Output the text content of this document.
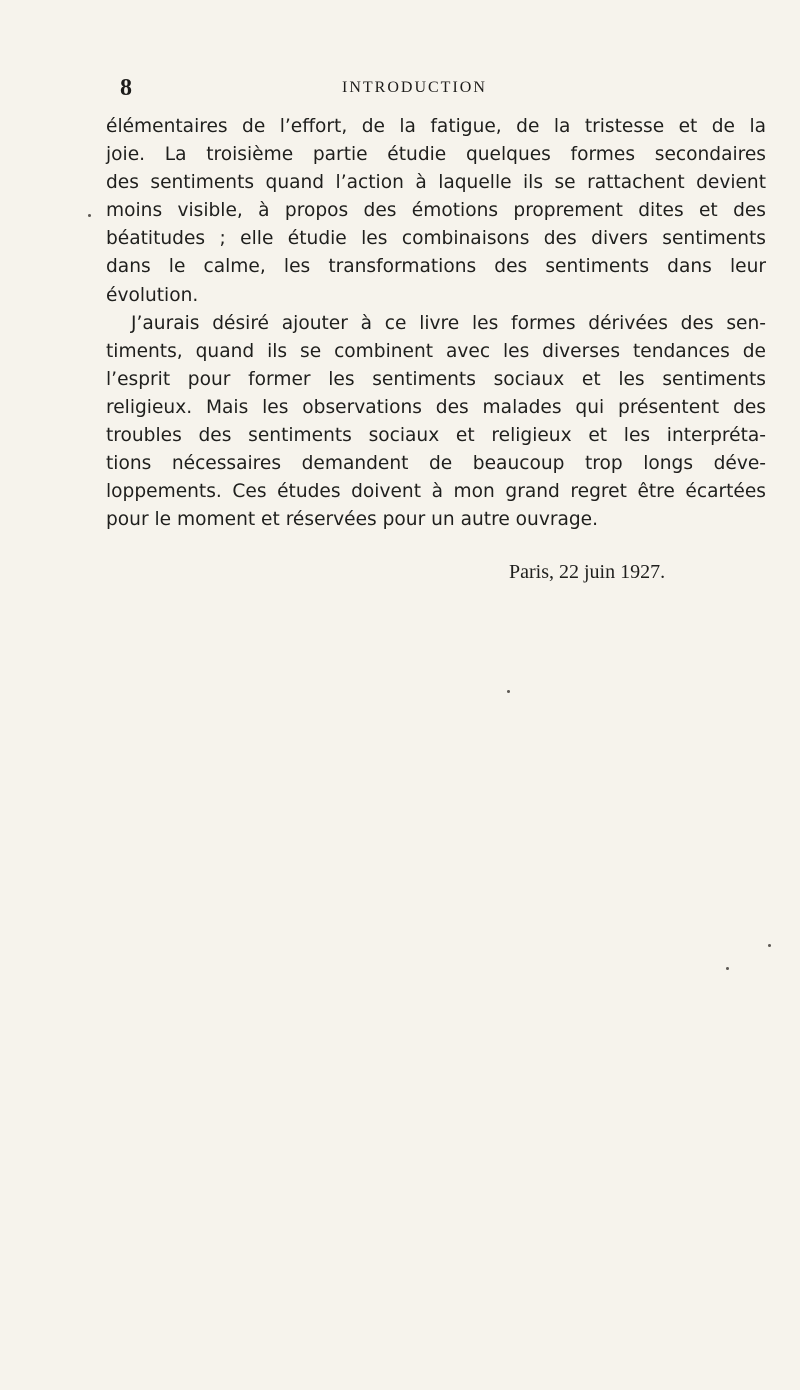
8	INTRODUCTION
élémentaires de l’effort, de la fatigue, de la tristesse et de la
joie. La troisième partie étudie quelques formes secondaires
des sentiments quand l’action à laquelle ils se rattachent devient
moins visible, à propos des émotions proprement dites et des
béatitudes ; elle étudie les combinaisons des divers sentiments
dans le calme, les transformations des sentiments dans leur
évolution.
J’aurais désiré ajouter à ce livre les formes dérivées des sen-
timents, quand ils se combinent avec les diverses tendances de
l’esprit pour former les sentiments sociaux et les sentiments
religieux. Mais les observations des malades qui présentent des
troubles des sentiments sociaux et religieux et les interpréta-
tions nécessaires demandent de beaucoup trop longs déve-
loppements. Ces études doivent à mon grand regret être écartées
pour le moment et réservées pour un autre ouvrage.
Paris, 22 juin 1927.
